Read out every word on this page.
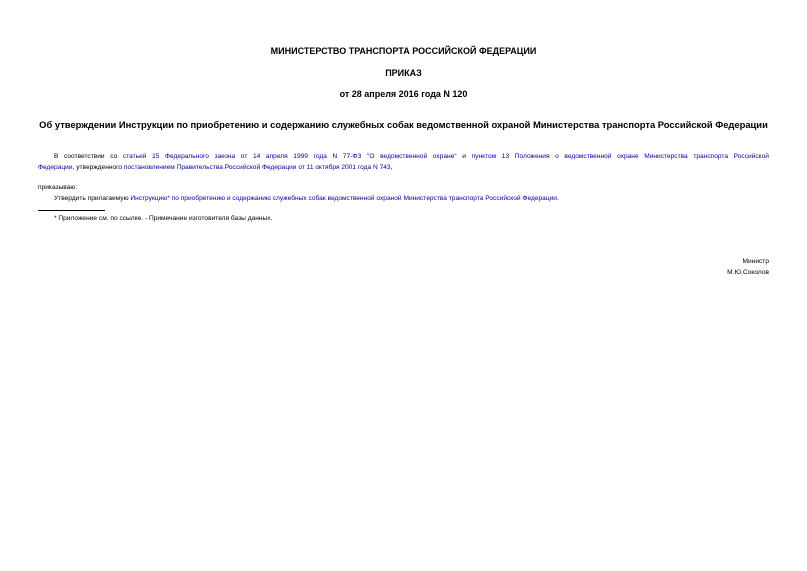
МИНИСТЕРСТВО ТРАНСПОРТА РОССИЙСКОЙ ФЕДЕРАЦИИ
ПРИКАЗ
от 28 апреля 2016 года N 120
Об утверждении Инструкции по приобретению и содержанию служебных собак ведомственной охраной Министерства транспорта Российской Федерации
В соответствии со статьей 15 Федерального закона от 14 апреля 1999 года N 77-ФЗ "О ведомственной охране" и пунктом 13 Положения о ведомственной охране Министерства транспорта Российской
Федерации, утвержденного постановлением Правительства Российской Федерации от 11 октября 2001 года N 743,
приказываю:
Утвердить прилагаемую Инструкцию* по приобретению и содержанию служебных собак ведомственной охраной Министерства транспорта Российской Федерации.
* Приложение см. по ссылке. - Примечание изготовителя базы данных.
Министр
М.Ю.Соколов
